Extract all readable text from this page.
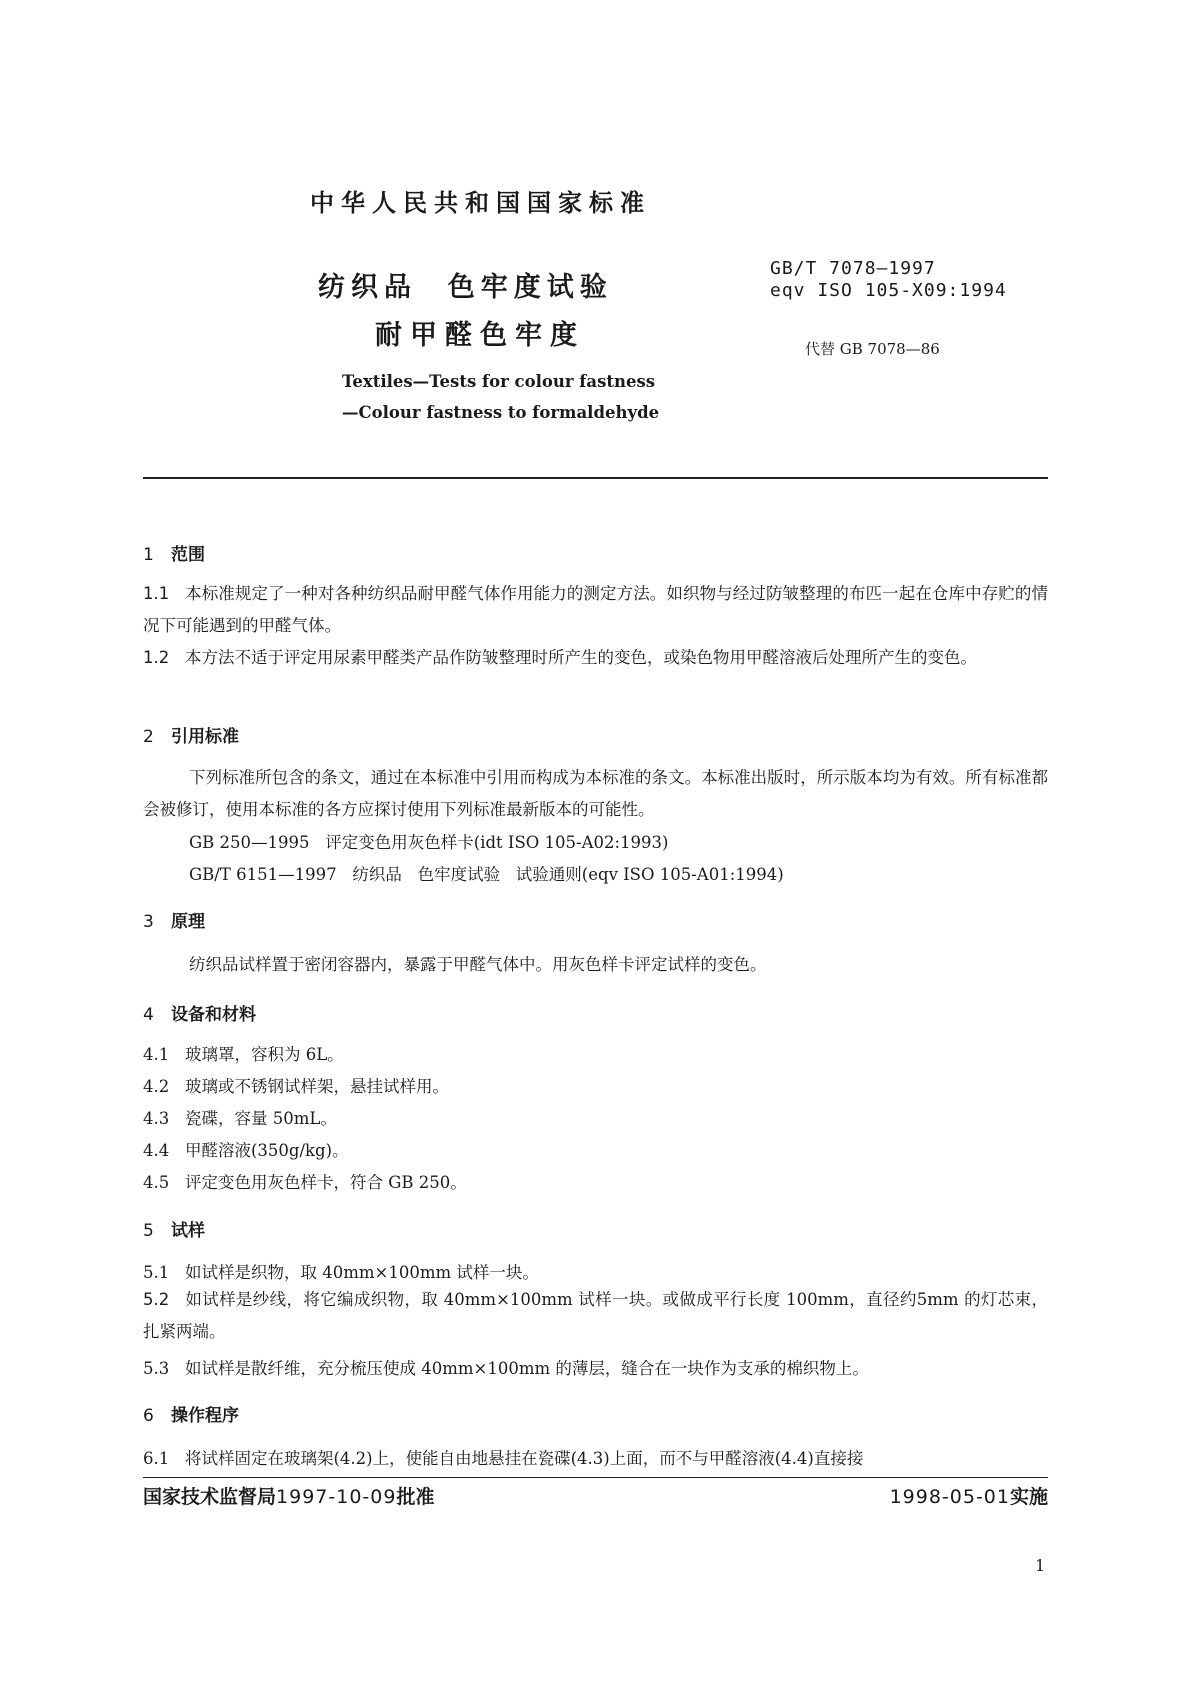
中华人民共和国国家标准
纺织品  色牢度试验
耐甲醛色牢度
GB/T 7078—1997
eqv ISO 105-X09:1994
代替 GB 7078—86
Textiles—Tests for colour fastness
—Colour fastness to formaldehyde
1 范围
1.1 本标准规定了一种对各种纺织品耐甲醛气体作用能力的测定方法。如织物与经过防皱整理的布匹一起在仓库中存贮的情况下可能遇到的甲醛气体。
1.2 本方法不适于评定用尿素甲醛类产品作防皱整理时所产生的变色，或染色物用甲醛溶液后处理所产生的变色。
2 引用标准
下列标准所包含的条文，通过在本标准中引用而构成为本标准的条文。本标准出版时，所示版本均为有效。所有标准都会被修订，使用本标准的各方应探讨使用下列标准最新版本的可能性。
GB 250—1995   评定变色用灰色样卡(idt ISO 105-A02:1993)
GB/T 6151—1997   纺织品   色牢度试验   试验通则(eqv ISO 105-A01:1994)
3 原理
纺织品试样置于密闭容器内，暴露于甲醛气体中。用灰色样卡评定试样的变色。
4 设备和材料
4.1   玻璃罩，容积为 6L。
4.2   玻璃或不锈钢试样架，悬挂试样用。
4.3   瓷碟，容量 50mL。
4.4   甲醛溶液(350g/kg)。
4.5   评定变色用灰色样卡，符合 GB 250。
5 试样
5.1   如试样是织物，取 40mm×100mm 试样一块。
5.2 如试样是纱线，将它编成织物，取 40mm×100mm 试样一块。或做成平行长度 100mm，直径约5mm 的灯芯束，扎紧两端。
5.3   如试样是散纤维，充分梳压使成 40mm×100mm 的薄层，缝合在一块作为支承的棉织物上。
6 操作程序
6.1   将试样固定在玻璃架(4.2)上，使能自由地悬挂在瓷碟(4.3)上面，而不与甲醛溶液(4.4)直接接
国家技术监督局1997-10-09批准	1998-05-01实施
1
